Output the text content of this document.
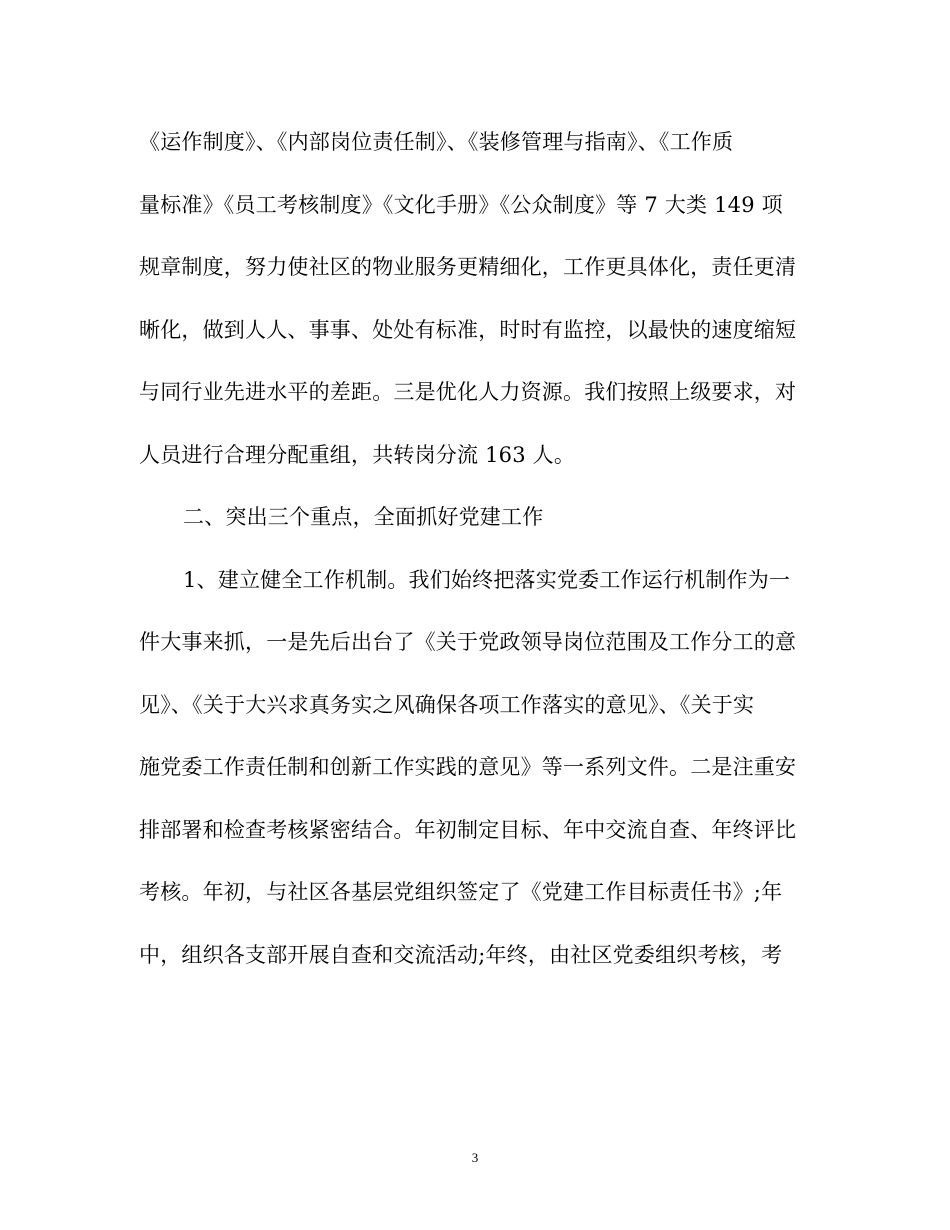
《运作制度》、《内部岗位责任制》、《装修管理与指南》、《工作质
量标准》《员工考核制度》《文化手册》《公众制度》等 7 大类 149 项
规章制度，努力使社区的物业服务更精细化，工作更具体化，责任更清
晰化，做到人人、事事、处处有标准，时时有监控，以最快的速度缩短
与同行业先进水平的差距。三是优化人力资源。我们按照上级要求，对
人员进行合理分配重组，共转岗分流 163 人。
二、突出三个重点，全面抓好党建工作
1、建立健全工作机制。我们始终把落实党委工作运行机制作为一
件大事来抓，一是先后出台了《关于党政领导岗位范围及工作分工的意
见》、《关于大兴求真务实之风确保各项工作落实的意见》、《关于实
施党委工作责任制和创新工作实践的意见》等一系列文件。二是注重安
排部署和检查考核紧密结合。年初制定目标、年中交流自查、年终评比
考核。年初，与社区各基层党组织签定了《党建工作目标责任书》;年
中，组织各支部开展自查和交流活动;年终，由社区党委组织考核，考
3
